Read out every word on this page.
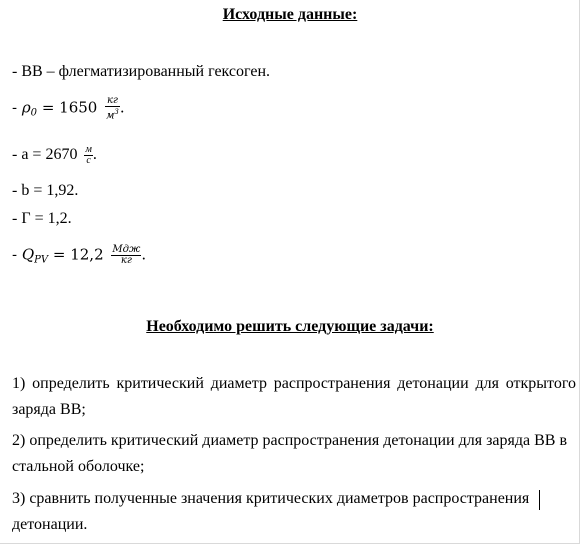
Исходные данные:
- ВВ – флегматизированный гексоген.
- $\rho_0 = 1650 \frac{кг}{м^3}$ .
- $a = 2670 \frac{м}{с}$ .
- b = 1,92.
- Г = 1,2.
- $Q_{PV} = 12,2 \frac{\text{Мдж}}{кг}$ .
Необходимо решить следующие задачи:
1) определить критический диаметр распространения детонации для открытого заряда ВВ;
2) определить критический диаметр распространения детонации для заряда ВВ в стальной оболочке;
3) сравнить полученные значения критических диаметров распространения детонации.
